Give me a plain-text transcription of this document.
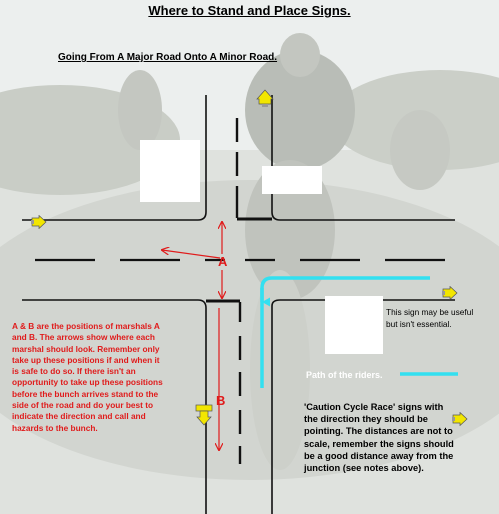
Where to Stand and Place Signs.
Going From A Major Road Onto A Minor Road.
A
B
A & B are the positions of marshals A and B. The arrows show where each marshal should look. Remember only take up these positions if and when it is safe to do so. If there isn't an opportunity to take up these positions before the bunch arrives stand to the side of the road and do your best to indicate the direction and call and hazards to the bunch.
This sign may be useful but isn't essential.
Path of the riders.
'Caution Cycle Race' signs with the direction they should be pointing. The distances are not to scale, remember the signs should be a good distance away from the junction (see notes above).
